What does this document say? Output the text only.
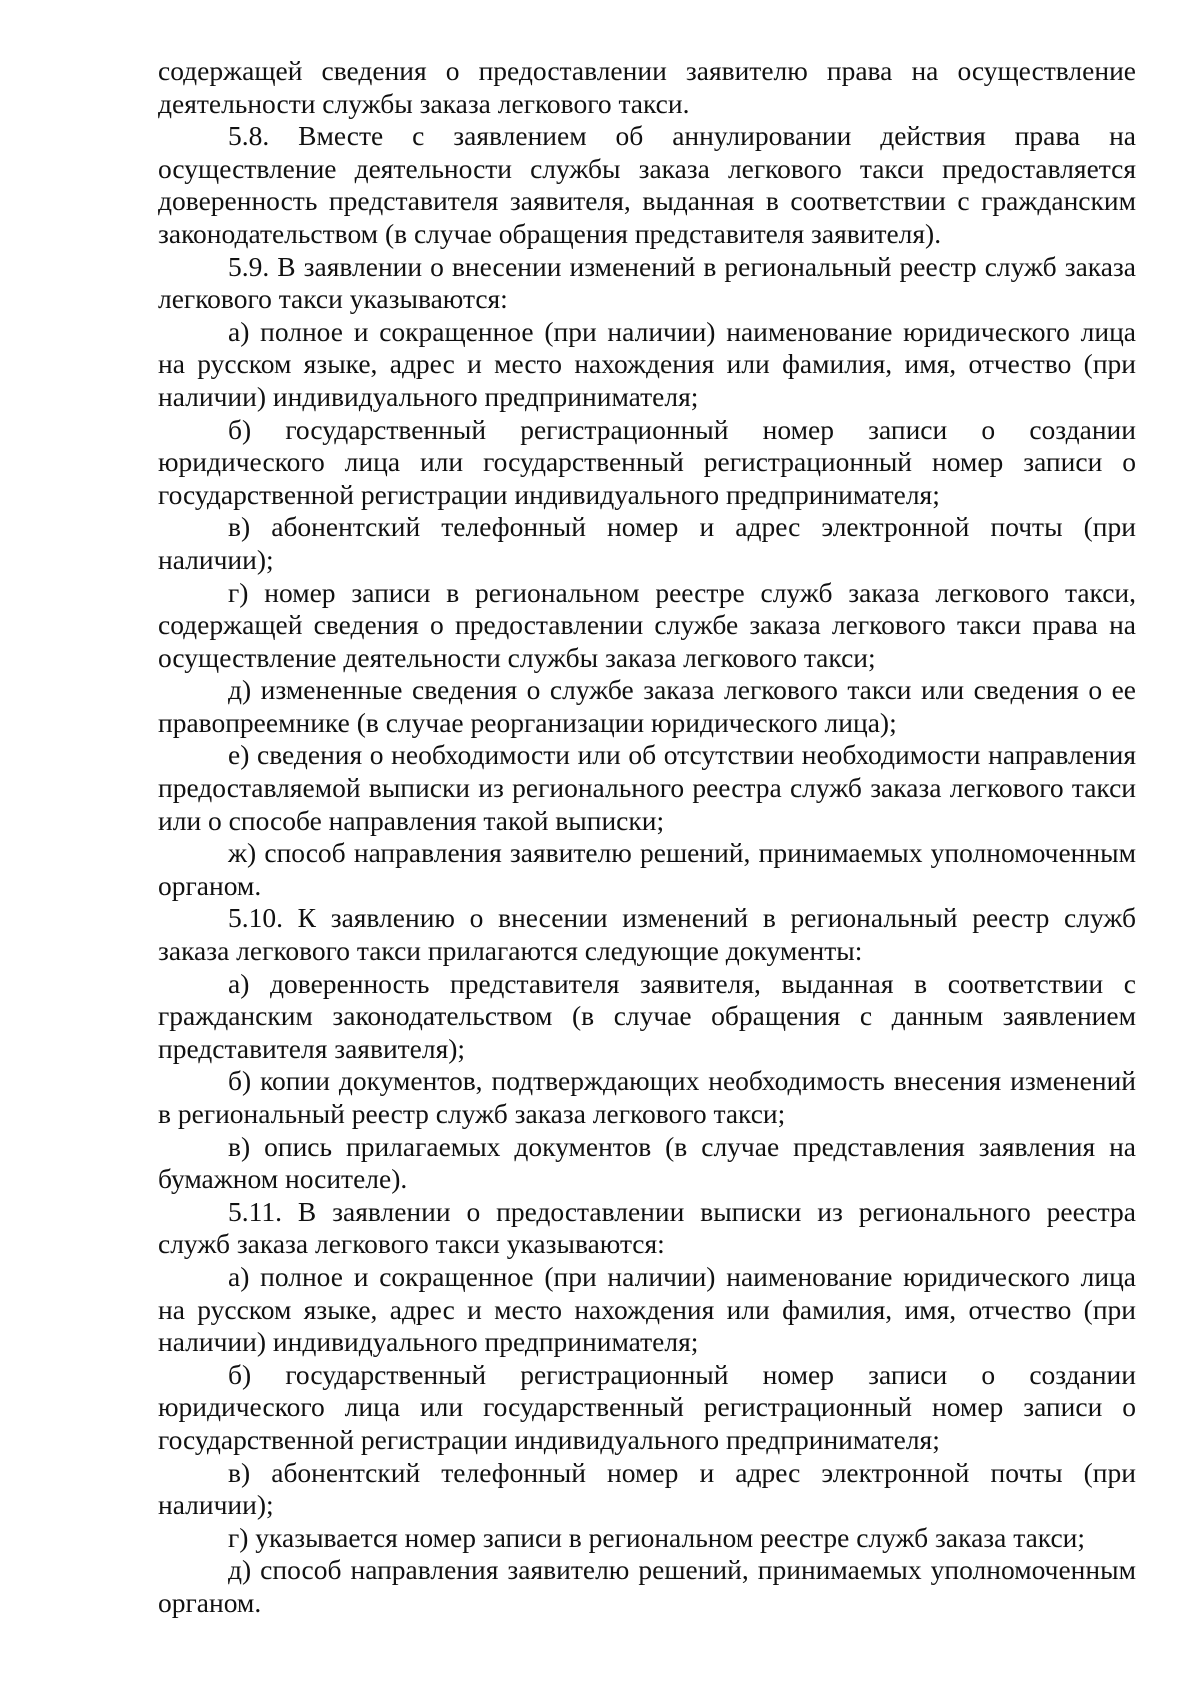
содержащей сведения о предоставлении заявителю права на осуществление деятельности службы заказа легкового такси.

5.8. Вместе с заявлением об аннулировании действия права на осуществление деятельности службы заказа легкового такси предоставляется доверенность представителя заявителя, выданная в соответствии с гражданским законодательством (в случае обращения представителя заявителя).

5.9. В заявлении о внесении изменений в региональный реестр служб заказа легкового такси указываются:

а) полное и сокращенное (при наличии) наименование юридического лица на русском языке, адрес и место нахождения или фамилия, имя, отчество (при наличии) индивидуального предпринимателя;

б) государственный регистрационный номер записи о создании юридического лица или государственный регистрационный номер записи о государственной регистрации индивидуального предпринимателя;

в) абонентский телефонный номер и адрес электронной почты (при наличии);

г) номер записи в региональном реестре служб заказа легкового такси, содержащей сведения о предоставлении службе заказа легкового такси права на осуществление деятельности службы заказа легкового такси;

д) измененные сведения о службе заказа легкового такси или сведения о ее правопреемнике (в случае реорганизации юридического лица);

е) сведения о необходимости или об отсутствии необходимости направления предоставляемой выписки из регионального реестра служб заказа легкового такси или о способе направления такой выписки;

ж) способ направления заявителю решений, принимаемых уполномоченным органом.

5.10. К заявлению о внесении изменений в региональный реестр служб заказа легкового такси прилагаются следующие документы:

а) доверенность представителя заявителя, выданная в соответствии с гражданским законодательством (в случае обращения с данным заявлением представителя заявителя);

б) копии документов, подтверждающих необходимость внесения изменений в региональный реестр служб заказа легкового такси;

в) опись прилагаемых документов (в случае представления заявления на бумажном носителе).

5.11. В заявлении о предоставлении выписки из регионального реестра служб заказа легкового такси указываются:

а) полное и сокращенное (при наличии) наименование юридического лица на русском языке, адрес и место нахождения или фамилия, имя, отчество (при наличии) индивидуального предпринимателя;

б) государственный регистрационный номер записи о создании юридического лица или государственный регистрационный номер записи о государственной регистрации индивидуального предпринимателя;

в) абонентский телефонный номер и адрес электронной почты (при наличии);

г) указывается номер записи в региональном реестре служб заказа такси;

д) способ направления заявителю решений, принимаемых уполномоченным органом.
